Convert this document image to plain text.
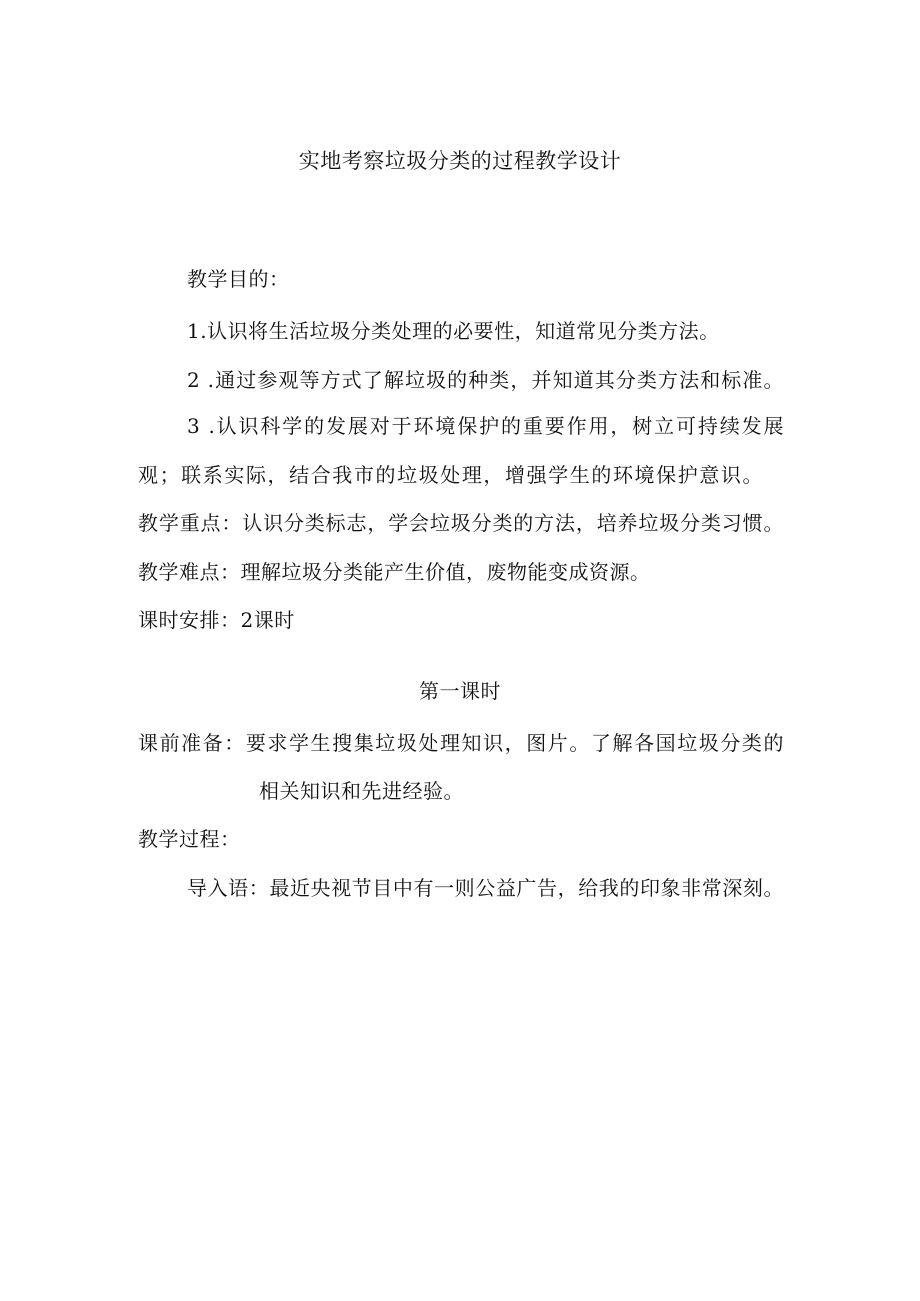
实地考察垃圾分类的过程教学设计
教学目的：
1.认识将生活垃圾分类处理的必要性，知道常见分类方法。
2 .通过参观等方式了解垃圾的种类，并知道其分类方法和标准。
3 .认识科学的发展对于环境保护的重要作用，树立可持续发展
观；联系实际，结合我市的垃圾处理，增强学生的环境保护意识。
教学重点：认识分类标志，学会垃圾分类的方法，培养垃圾分类习惯。
教学难点：理解垃圾分类能产生价值，废物能变成资源。
课时安排：2课时
第一课时
课前准备：要求学生搜集垃圾处理知识，图片。了解各国垃圾分类的
相关知识和先进经验。
教学过程：
导入语：最近央视节目中有一则公益广告，给我的印象非常深刻。
